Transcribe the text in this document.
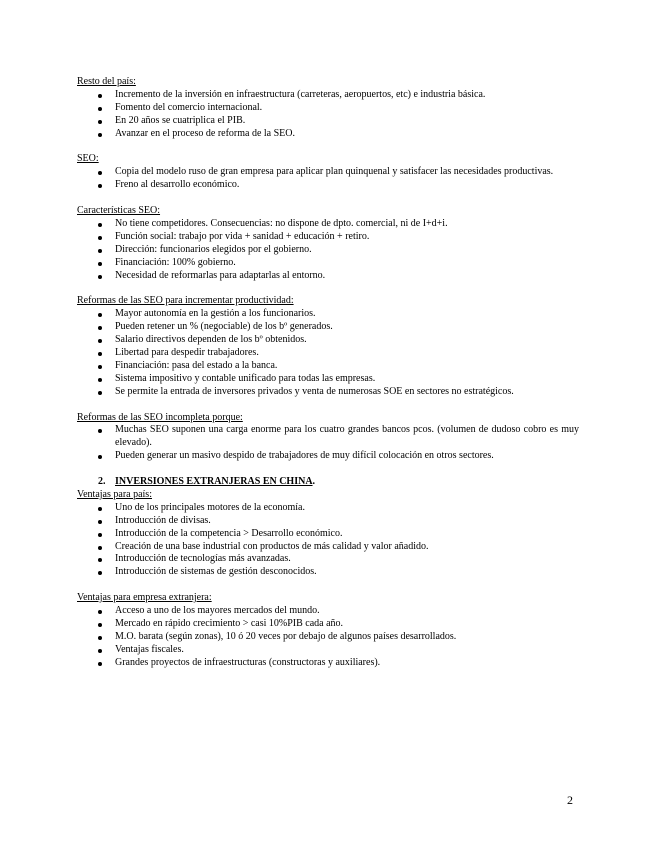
Resto del país:

Incremento de la inversión en infraestructura (carreteras, aeropuertos, etc) e industria básica.
Fomento del comercio internacional.
En 20 años se cuatriplica el PIB.
Avanzar en el proceso de reforma de la SEO.

SEO:

Copia del modelo ruso de gran empresa para aplicar plan quinquenal y satisfacer las necesidades productivas.
Freno al desarrollo económico.

Características SEO:

No tiene competidores. Consecuencias: no dispone de dpto. comercial, ni de I+d+i.
Función social: trabajo por vida + sanidad + educación + retiro.
Dirección: funcionarios elegidos por el gobierno.
Financiación: 100% gobierno.
Necesidad de reformarlas para adaptarlas al entorno.

Reformas de las SEO para incrementar productividad:

Mayor autonomía en la gestión a los funcionarios.
Pueden retener un % (negociable) de los bº generados.
Salario directivos dependen de los bº obtenidos.
Libertad para despedir trabajadores.
Financiación: pasa del estado a la banca.
Sistema impositivo y contable unificado para todas las empresas.
Se permite la entrada de inversores privados y venta de numerosas SOE en sectores no estratégicos.

Reformas de las SEO incompleta porque:

Muchas SEO suponen una carga enorme para los cuatro grandes bancos pcos. (volumen de dudoso cobro es muy elevado).
Pueden generar un masivo despido de trabajadores de muy difícil colocación en otros sectores.
2. INVERSIONES EXTRANJERAS EN CHINA.

Ventajas para país:

Uno de los principales motores de la economía.
Introducción de divisas.
Introducción de la competencia > Desarrollo económico.
Creación de una base industrial con productos de más calidad y valor añadido.
Introducción de tecnologías más avanzadas.
Introducción de sistemas de gestión desconocidos.

Ventajas para empresa extranjera:

Acceso a uno de los mayores mercados del mundo.
Mercado en rápido crecimiento > casi 10%PIB cada año.
M.O. barata (según zonas), 10 ó 20 veces por debajo de algunos países desarrollados.
Ventajas fiscales.
Grandes proyectos de infraestructuras (constructoras y auxiliares).
2
